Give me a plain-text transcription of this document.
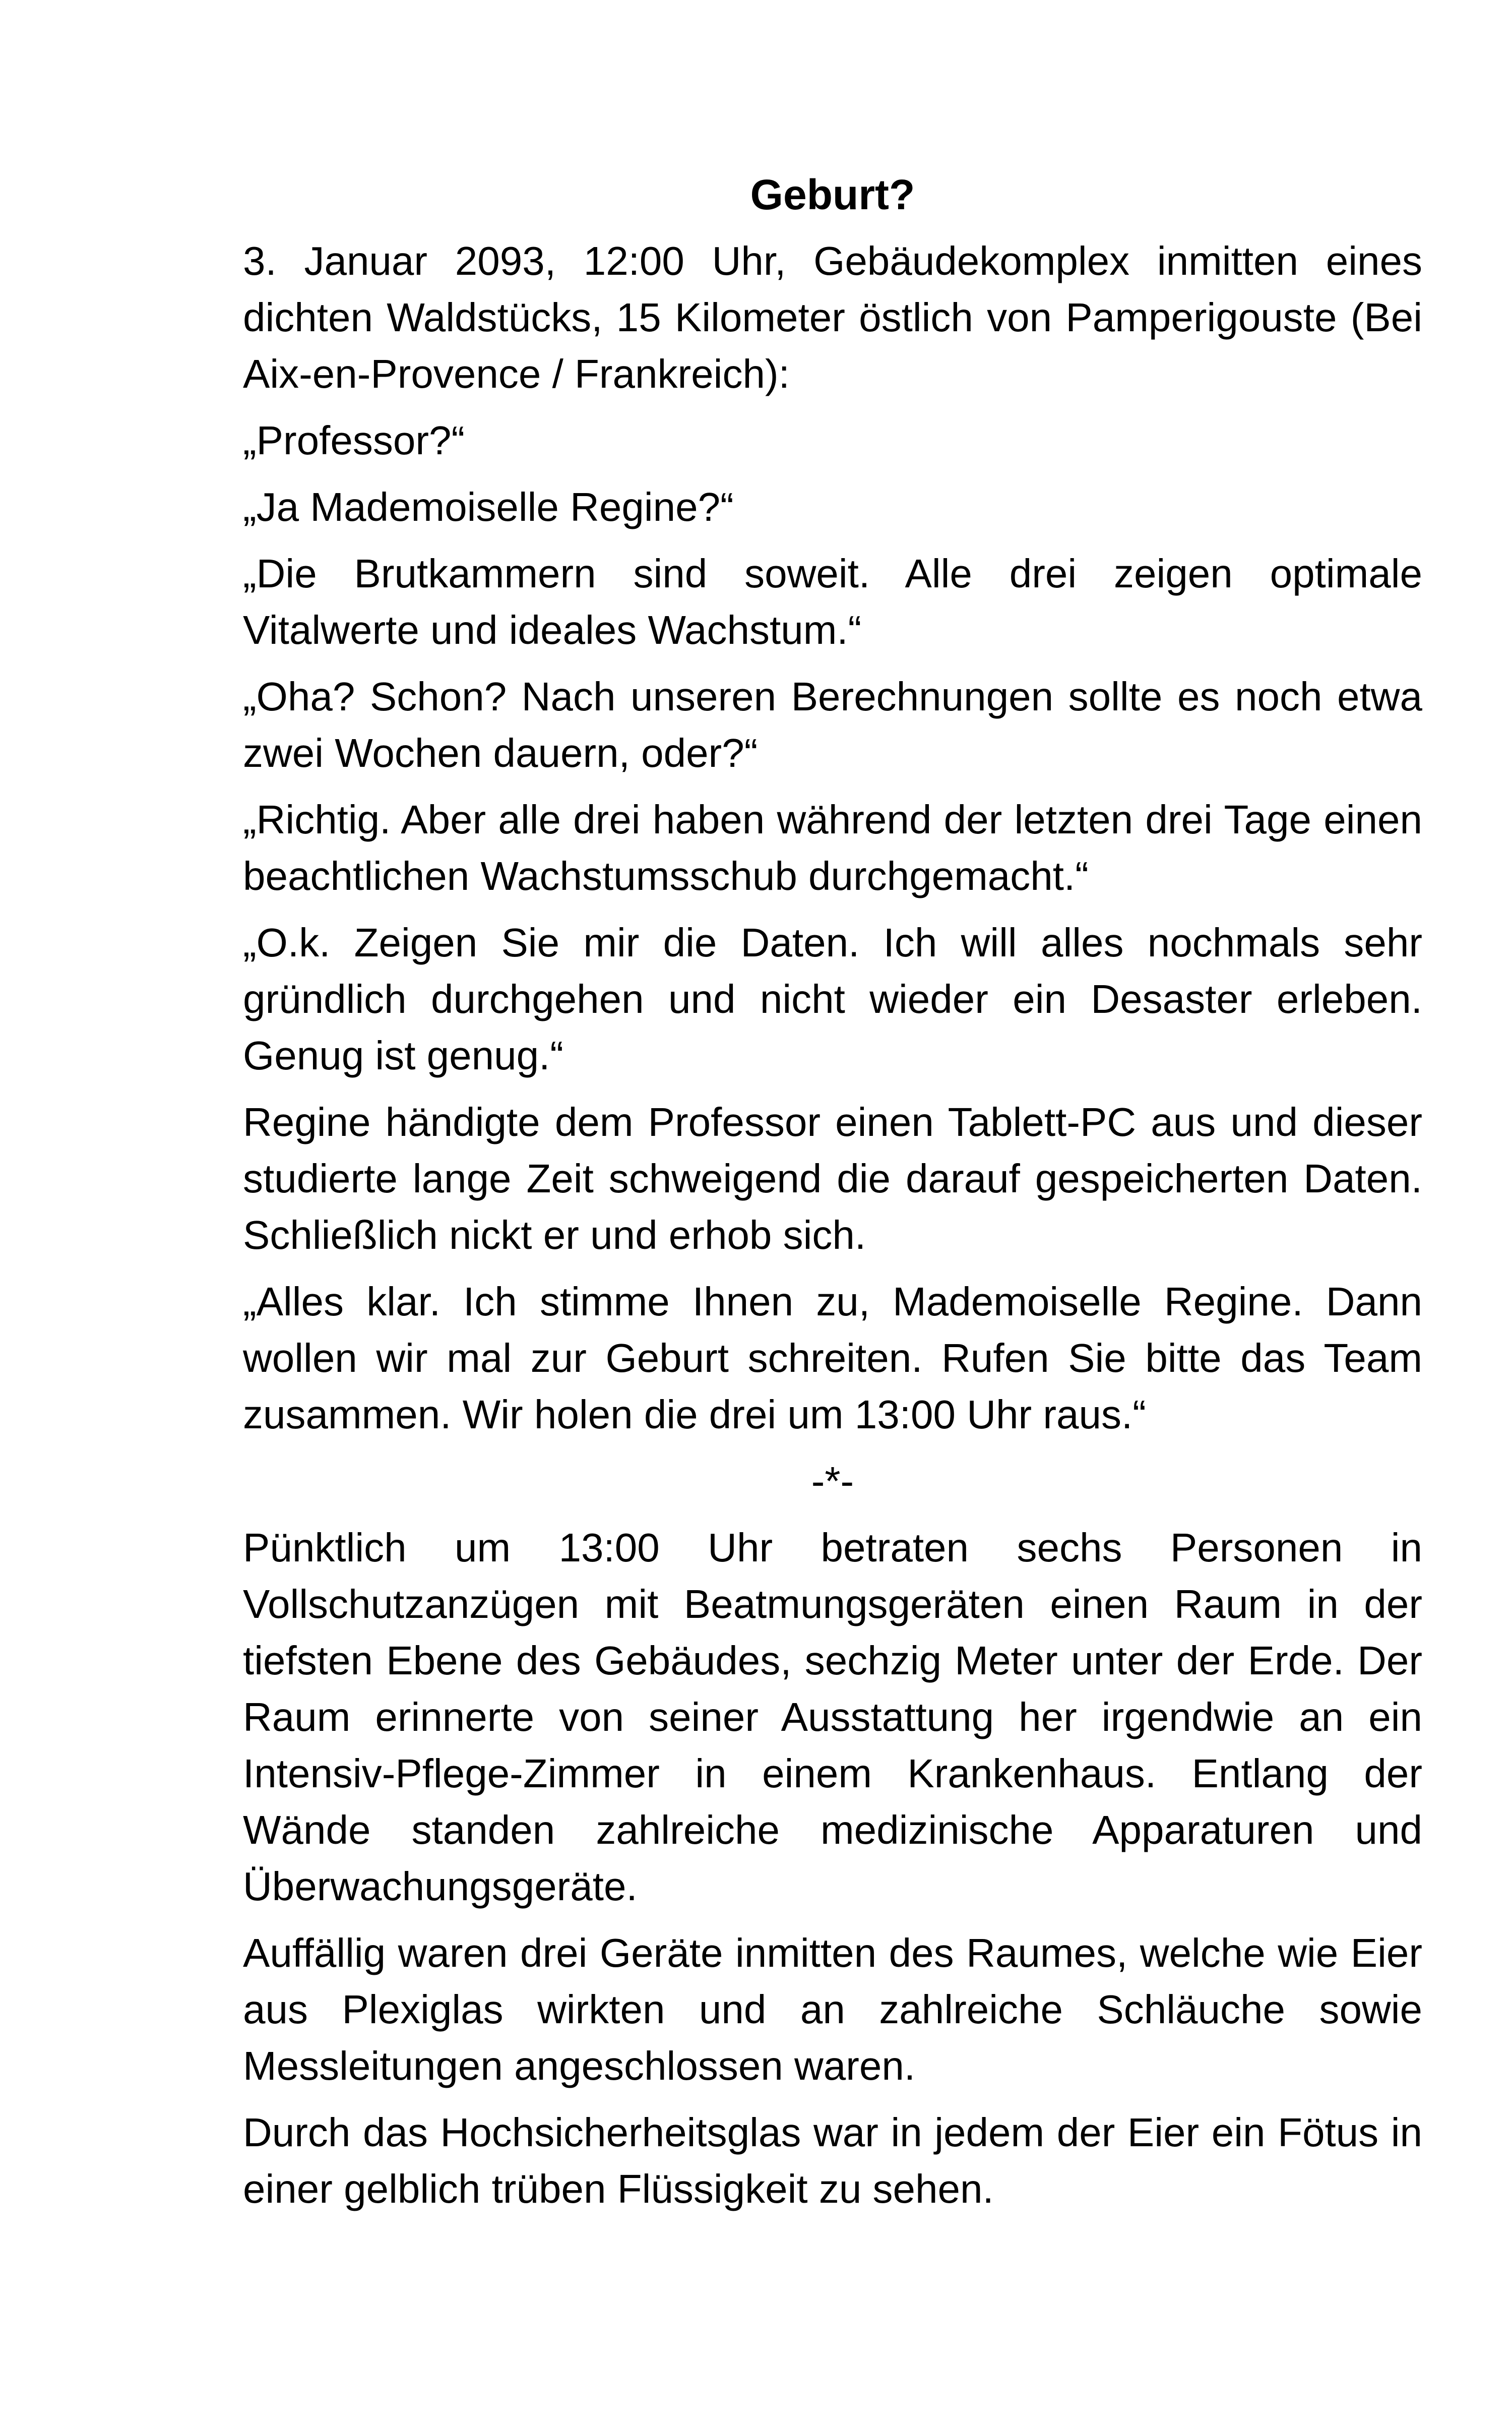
Geburt?

3. Januar 2093, 12:00 Uhr, Gebäudekomplex inmitten eines dichten Waldstücks, 15 Kilometer östlich von Pamperigouste (Bei Aix-en-Provence / Frankreich):

„Professor?“

„Ja Mademoiselle Regine?“

„Die Brutkammern sind soweit. Alle drei zeigen optimale Vitalwerte und ideales Wachstum.“

„Oha? Schon? Nach unseren Berechnungen sollte es noch etwa zwei Wochen dauern, oder?“

„Richtig. Aber alle drei haben während der letzten drei Tage einen beachtlichen Wachstumsschub durchgemacht.“

„O.k. Zeigen Sie mir die Daten. Ich will alles nochmals sehr gründlich durchgehen und nicht wieder ein Desaster erleben. Genug ist genug.“

Regine händigte dem Professor einen Tablett-PC aus und dieser studierte lange Zeit schweigend die darauf gespeicherten Daten. Schließlich nickt er und erhob sich.

„Alles klar. Ich stimme Ihnen zu, Mademoiselle Regine. Dann wollen wir mal zur Geburt schreiten. Rufen Sie bitte das Team zusammen. Wir holen die drei um 13:00 Uhr raus.“

-*-

Pünktlich um 13:00 Uhr betraten sechs Personen in Vollschutzanzügen mit Beatmungsgeräten einen Raum in der tiefsten Ebene des Gebäudes, sechzig Meter unter der Erde. Der Raum erinnerte von seiner Ausstattung her irgendwie an ein Intensiv-Pflege-Zimmer in einem Krankenhaus. Entlang der Wände standen zahlreiche medizinische Apparaturen und Überwachungsgeräte.

Auffällig waren drei Geräte inmitten des Raumes, welche wie Eier aus Plexiglas wirkten und an zahlreiche Schläuche sowie Messleitungen angeschlossen waren.

Durch das Hochsicherheitsglas war in jedem der Eier ein Fötus in einer gelblich trüben Flüssigkeit zu sehen.
